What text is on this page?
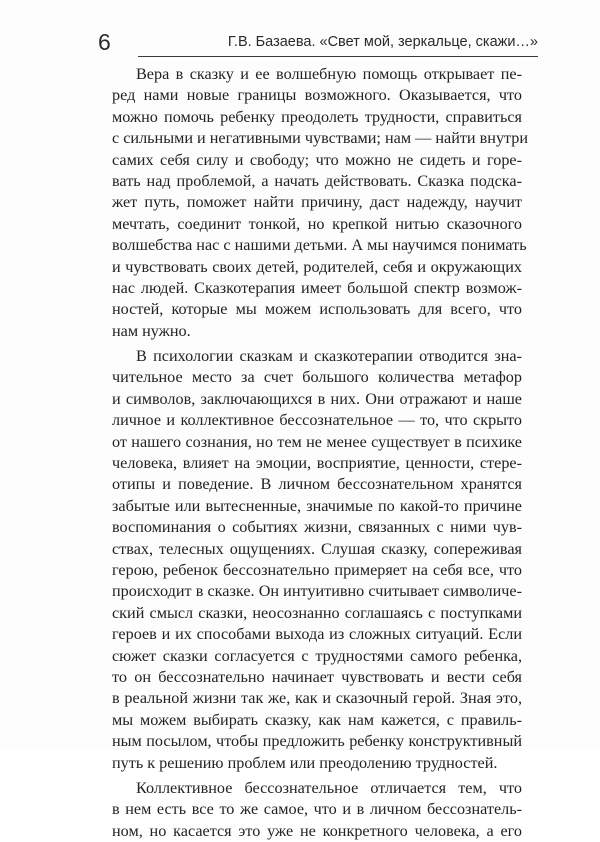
6	Г.В. Базаева. «Свет мой, зеркальце, скажи…»
Вера в сказку и ее волшебную помощь открывает пе-
ред нами новые границы возможного. Оказывается, что
можно помочь ребенку преодолеть трудности, справиться
с сильными и негативными чувствами; нам — найти внутри
самих себя силу и свободу; что можно не сидеть и горе-
вать над проблемой, а начать действовать. Сказка подска-
жет путь, поможет найти причину, даст надежду, научит
мечтать, соединит тонкой, но крепкой нитью сказочного
волшебства нас с нашими детьми. А мы научимся понимать
и чувствовать своих детей, родителей, себя и окружающих
нас людей. Сказкотерапия имеет большой спектр возмож-
ностей, которые мы можем использовать для всего, что
нам нужно.
В психологии сказкам и сказкотерапии отводится зна-
чительное место за счет большого количества метафор
и символов, заключающихся в них. Они отражают и наше
личное и коллективное бессознательное — то, что скрыто
от нашего сознания, но тем не менее существует в психике
человека, влияет на эмоции, восприятие, ценности, стере-
отипы и поведение. В личном бессознательном хранятся
забытые или вытесненные, значимые по какой-то причине
воспоминания о событиях жизни, связанных с ними чув-
ствах, телесных ощущениях. Слушая сказку, сопереживая
герою, ребенок бессознательно примеряет на себя все, что
происходит в сказке. Он интуитивно считывает символиче-
ский смысл сказки, неосознанно соглашаясь с поступками
героев и их способами выхода из сложных ситуаций. Если
сюжет сказки согласуется с трудностями самого ребенка,
то он бессознательно начинает чувствовать и вести себя
в реальной жизни так же, как и сказочный герой. Зная это,
мы можем выбирать сказку, как нам кажется, с правиль-
ным посылом, чтобы предложить ребенку конструктивный
путь к решению проблем или преодолению трудностей.
Коллективное бессознательное отличается тем, что
в нем есть все то же самое, что и в личном бессознатель-
ном, но касается это уже не конкретного человека, а его
